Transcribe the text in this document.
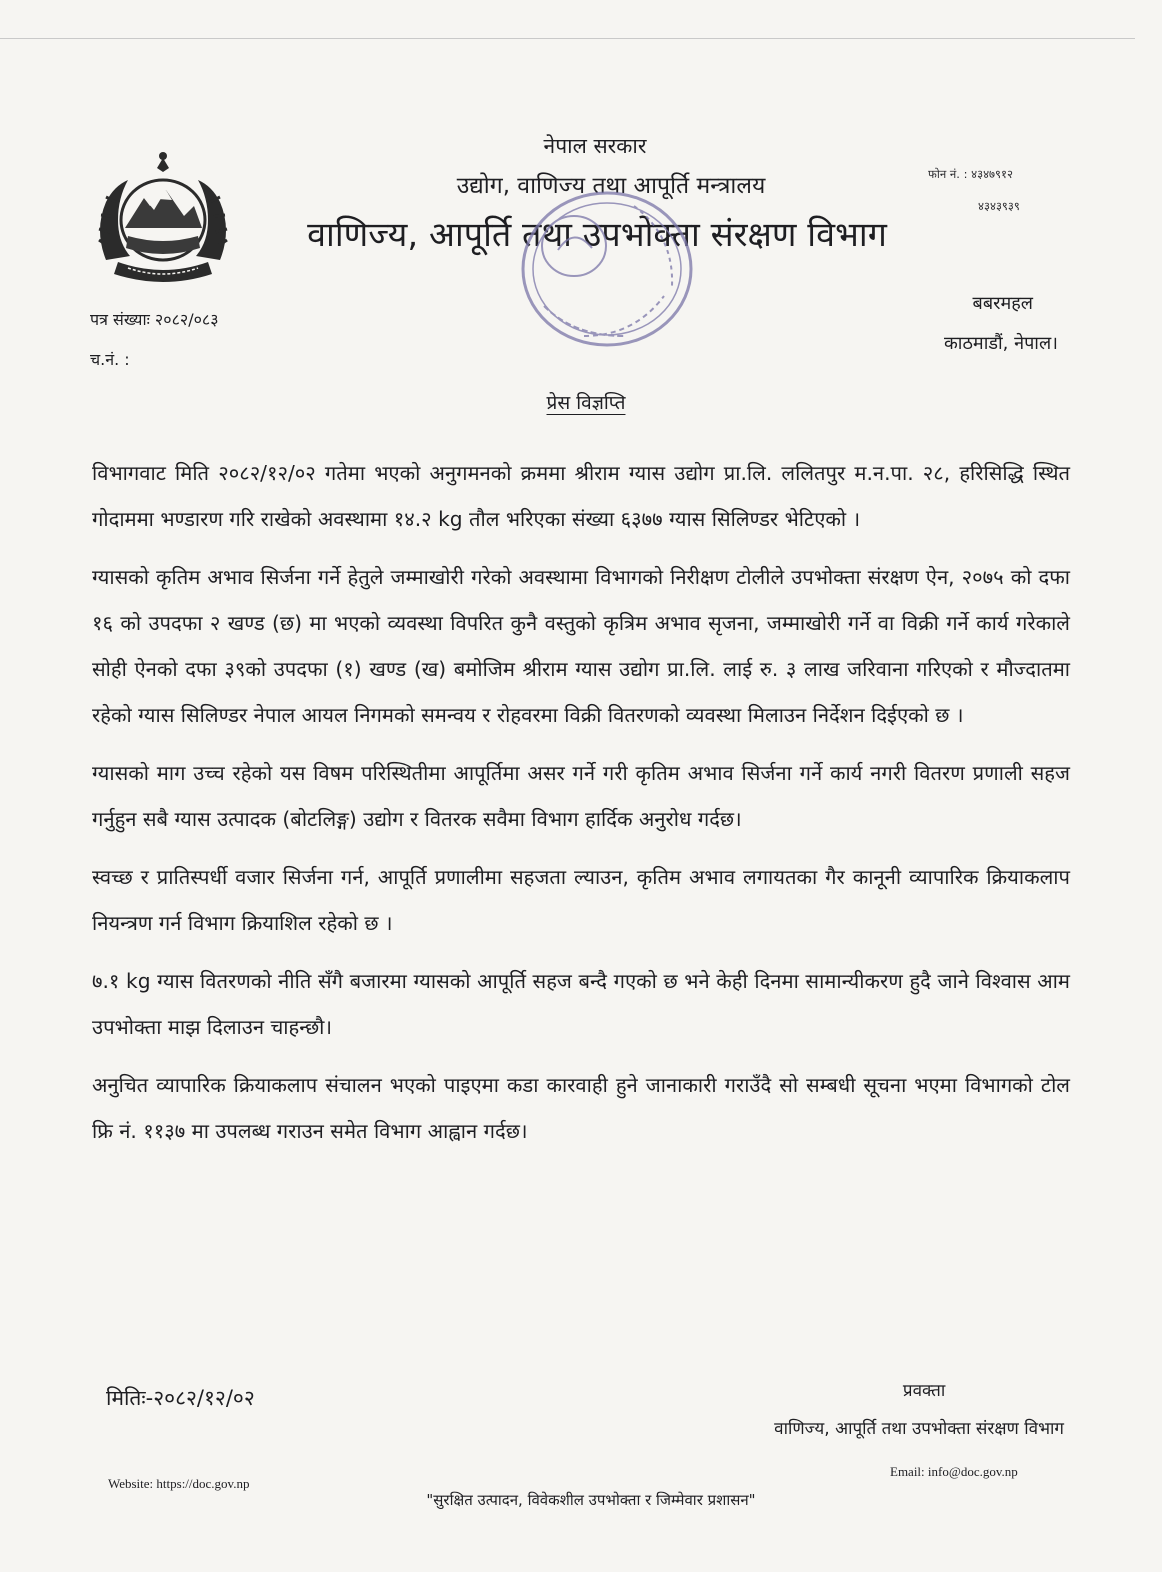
नेपाल सरकार
उद्योग, वाणिज्य तथा आपूर्ति मन्त्रालय
वाणिज्य, आपूर्ति तथा उपभोक्ता संरक्षण विभाग
फोन नं. : ४३४७९१२
४३४३९३९
पत्र संख्याः २०८२/०८३
च.नं. :
बबरमहल
काठमाडौं, नेपाल।
प्रेस विज्ञप्ति

विभागवाट मिति २०८२/१२/०२ गतेमा भएको अनुगमनको क्रममा श्रीराम ग्यास उद्योग प्रा.लि. ललितपुर म.न.पा. २८, हरिसिद्धि स्थित गोदाममा भण्डारण गरि राखेको अवस्थामा १४.२ kg तौल भरिएका संख्या ६३७७ ग्यास सिलिण्डर भेटिएको ।

ग्यासको कृतिम अभाव सिर्जना गर्ने हेतुले जम्माखोरी गरेको अवस्थामा विभागको निरीक्षण टोलीले उपभोक्ता संरक्षण ऐन, २०७५ को दफा १६ को उपदफा २ खण्ड (छ) मा भएको व्यवस्था विपरित कुनै वस्तुको कृत्रिम अभाव सृजना, जम्माखोरी गर्ने वा विक्री गर्ने कार्य गरेकाले सोही ऐनको दफा ३९को उपदफा (१) खण्ड (ख) बमोजिम श्रीराम ग्यास उद्योग प्रा.लि. लाई रु. ३ लाख जरिवाना गरिएको र मौज्दातमा रहेको ग्यास सिलिण्डर नेपाल आयल निगमको समन्वय र रोहवरमा विक्री वितरणको व्यवस्था मिलाउन निर्देशन दिईएको छ ।

ग्यासको माग उच्च रहेको यस विषम परिस्थितीमा आपूर्तिमा असर गर्ने गरी कृतिम अभाव सिर्जना गर्ने कार्य नगरी वितरण प्रणाली सहज गर्नुहुन सबै ग्यास उत्पादक (बोटलिङ्ग) उद्योग र वितरक सवैमा विभाग हार्दिक अनुरोध गर्दछ।

स्वच्छ र प्रातिस्पर्धी वजार सिर्जना गर्न, आपूर्ति प्रणालीमा सहजता ल्याउन, कृतिम अभाव लगायतका गैर कानूनी व्यापारिक क्रियाकलाप नियन्त्रण गर्न विभाग क्रियाशिल रहेको छ ।

७.१ kg ग्यास वितरणको नीति सँगै बजारमा ग्यासको आपूर्ति सहज बन्दै गएको छ भने केही दिनमा सामान्यीकरण हुदै जाने विश्वास आम उपभोक्ता माझ दिलाउन चाहन्छौ।

अनुचित व्यापारिक क्रियाकलाप संचालन भएको पाइएमा कडा कारवाही हुने जानाकारी गराउँदै सो सम्बधी सूचना भएमा विभागको टोल फ्रि नं. ११३७ मा उपलब्ध गराउन समेत विभाग आह्वान गर्दछ।

मितिः-२०८२/१२/०२	प्रवक्ता
वाणिज्य, आपूर्ति तथा उपभोक्ता संरक्षण विभाग
Website: https://doc.gov.np
Email: info@doc.gov.np
"सुरक्षित उत्पादन, विवेकशील उपभोक्ता र जिम्मेवार प्रशासन"
